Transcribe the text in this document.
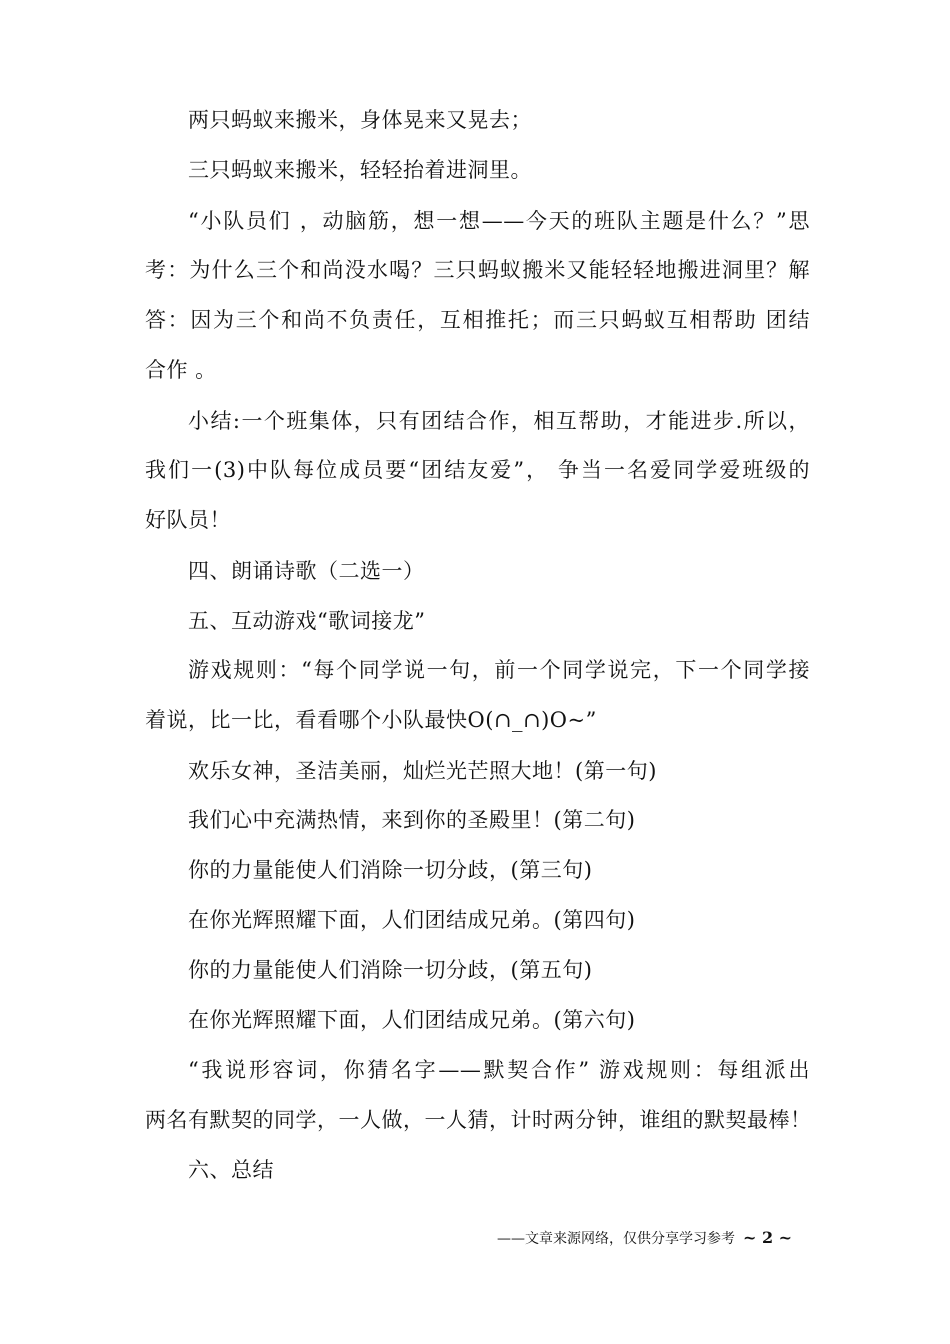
两只蚂蚁来搬米，身体晃来又晃去；
三只蚂蚁来搬米，轻轻抬着进洞里。
“小队员们 ，动脑筋，想一想——今天的班队主题是什么？”思
考：为什么三个和尚没水喝？三只蚂蚁搬米又能轻轻地搬进洞里？解
答：因为三个和尚不负责任，互相推托；而三只蚂蚁互相帮助 团结
合作 。
小结:一个班集体，只有团结合作，相互帮助，才能进步.所以，
我们一(3)中队每位成员要“团结友爱”， 争当一名爱同学爱班级的
好队员！
四、朗诵诗歌（二选一）
五、互动游戏“歌词接龙”
游戏规则：“每个同学说一句，前一个同学说完，下一个同学接
着说，比一比，看看哪个小队最快O(∩_∩)O~”
欢乐女神，圣洁美丽，灿烂光芒照大地！(第一句)
我们心中充满热情，来到你的圣殿里！(第二句)
你的力量能使人们消除一切分歧，(第三句)
在你光辉照耀下面，人们团结成兄弟。(第四句)
你的力量能使人们消除一切分歧，(第五句)
在你光辉照耀下面，人们团结成兄弟。(第六句)
“我说形容词，你猜名字——默契合作” 游戏规则：每组派出
两名有默契的同学，一人做，一人猜，计时两分钟，谁组的默契最棒！
六、总结
——文章来源网络，仅供分享学习参考 ~ 2 ~
